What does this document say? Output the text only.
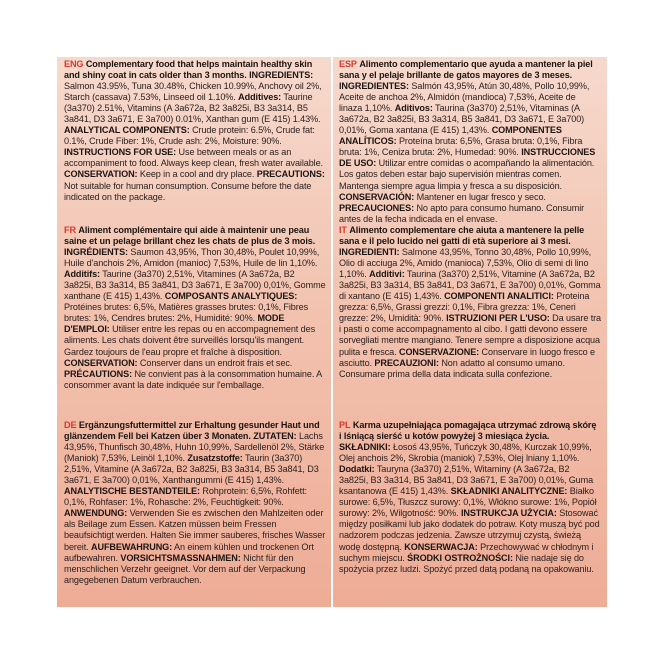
ENG Complementary food that helps maintain healthy skin and shiny coat in cats older than 3 months. INGREDIENTS: Salmon 43.95%, Tuna 30.48%, Chicken 10.99%, Anchovy oil 2%, Starch (cassava) 7.53%, Linseed oil 1.10%. Additives: Taurine (3a370) 2.51%, Vitamins (A 3a672a, B2 3a825i, B3 3a314, B5 3a841, D3 3a671, E 3a700) 0.01%, Xanthan gum (E 415) 1.43%. ANALYTICAL COMPONENTS: Crude protein: 6.5%, Crude fat: 0.1%, Crude Fiber: 1%, Crude ash: 2%, Moisture: 90%. INSTRUCTIONS FOR USE: Use between meals or as an accompaniment to food. Always keep clean, fresh water available. CONSERVATION: Keep in a cool and dry place. PRECAUTIONS: Not suitable for human consumption. Consume before the date indicated on the package.

ESP Alimento complementario que ayuda a mantener la piel sana y el pelaje brillante de gatos mayores de 3 meses. INGREDIENTES: Salmón 43,95%, Atún 30,48%, Pollo 10,99%, Aceite de anchoa 2%, Almidón (mandioca) 7,53%, Aceite de linaza 1,10%. Aditivos: Taurina (3a370) 2,51%, Vitaminas (A 3a672a, B2 3a825i, B3 3a314, B5 3a841, D3 3a671, E 3a700) 0,01%, Goma xantana (E 415) 1,43%. COMPONENTES ANALÍTICOS: Proteína bruta: 6,5%, Grasa bruta: 0,1%, Fibra bruta: 1%, Ceniza bruta: 2%, Humedad: 90%. INSTRUCCIONES DE USO: Utilizar entre comidas o acompañando la alimentación. Los gatos deben estar bajo supervisión mientras comen. Mantenga siempre agua limpia y fresca a su disposición. CONSERVACIÓN: Mantener en lugar fresco y seco. PRECAUCIONES: No apto para consumo humano. Consumir antes de la fecha indicada en el envase.

FR Aliment complémentaire qui aide à maintenir une peau saine et un pelage brillant chez les chats de plus de 3 mois. INGRÉDIENTS: Saumon 43,95%, Thon 30,48%, Poulet 10,99%, Huile d'anchois 2%, Amidon (manioc) 7,53%, Huile de lin 1,10%. Additifs: Taurine (3a370) 2,51%, Vitamines (A 3a672a, B2 3a825i, B3 3a314, B5 3a841, D3 3a671, E 3a700) 0,01%, Gomme xanthane (E 415) 1,43%. COMPOSANTS ANALYTIQUES: Protéines brutes: 6,5%, Matières grasses brutes: 0,1%, Fibres brutes: 1%, Cendres brutes: 2%, Humidité: 90%. MODE D'EMPLOI: Utiliser entre les repas ou en accompagnement des aliments. Les chats doivent être surveillés lorsqu'ils mangent. Gardez toujours de l'eau propre et fraîche à disposition. CONSERVATION: Conserver dans un endroit frais et sec. PRÉCAUTIONS: Ne convient pas à la consommation humaine. A consommer avant la date indiquée sur l'emballage.

IT Alimento complementare che aiuta a mantenere la pelle sana e il pelo lucido nei gatti di età superiore ai 3 mesi. INGREDIENTI: Salmone 43,95%, Tonno 30,48%, Pollo 10,99%, Olio di acciuga 2%, Amido (manioca) 7,53%, Olio di semi di lino 1,10%. Additivi: Taurina (3a370) 2,51%, Vitamine (A 3a672a, B2 3a825i, B3 3a314, B5 3a841, D3 3a671, E 3a700) 0,01%, Gomma di xantano (E 415) 1,43%. COMPONENTI ANALITICI: Proteina grezza: 6,5%, Grassi grezzi: 0,1%, Fibra grezza: 1%, Ceneri grezze: 2%, Umidità: 90%. ISTRUZIONI PER L'USO: Da usare tra i pasti o come accompagnamento al cibo. I gatti devono essere sorvegliati mentre mangiano. Tenere sempre a disposizione acqua pulita e fresca. CONSERVAZIONE: Conservare in luogo fresco e asciutto. PRECAUZIONI: Non adatto al consumo umano. Consumare prima della data indicata sulla confezione.

DE Ergänzungsfuttermittel zur Erhaltung gesunder Haut und glänzendem Fell bei Katzen über 3 Monaten. ZUTATEN: Lachs 43,95%, Thunfisch 30,48%, Huhn 10,99%, Sardellenöl 2%, Stärke (Maniok) 7,53%, Leinöl 1,10%. Zusatzstoffe: Taurin (3a370) 2,51%, Vitamine (A 3a672a, B2 3a825i, B3 3a314, B5 3a841, D3 3a671, E 3a700) 0,01%, Xanthangummi (E 415) 1,43%. ANALYTISCHE BESTANDTEILE: Rohprotein: 6,5%, Rohfett: 0,1%, Rohfaser: 1%, Rohasche: 2%, Feuchtigkeit: 90%. ANWENDUNG: Verwenden Sie es zwischen den Mahlzeiten oder als Beilage zum Essen. Katzen müssen beim Fressen beaufsichtigt werden. Halten Sie immer sauberes, frisches Wasser bereit. AUFBEWAHRUNG: An einem kühlen und trockenen Ort aufbewahren. VORSICHTSMASSNAHMEN: Nicht für den menschlichen Verzehr geeignet. Vor dem auf der Verpackung angegebenen Datum verbrauchen.

PL Karma uzupełniająca pomagająca utrzymać zdrową skórę i lśniącą sierść u kotów powyżej 3 miesiąca życia. SKŁADNIKI: Łosoś 43,95%, Tuńczyk 30,48%, Kurczak 10,99%, Olej anchois 2%, Skrobia (maniok) 7,53%, Olej lniany 1,10%. Dodatki: Tauryna (3a370) 2,51%, Witaminy (A 3a672a, B2 3a825i, B3 3a314, B5 3a841, D3 3a671, E 3a700) 0,01%, Guma ksantanowa (E 415) 1,43%. SKŁADNIKI ANALITYCZNE: Białko surowe: 6,5%, Tłuszcz surowy: 0,1%, Włókno surowe: 1%, Popiół surowy: 2%, Wilgotność: 90%. INSTRUKCJA UŻYCIA: Stosować między posiłkami lub jako dodatek do potraw. Koty muszą być pod nadzorem podczas jedzenia. Zawsze utrzymuj czystą, świeżą wodę dostępną. KONSERWACJA: Przechowywać w chłodnym i suchym miejscu. ŚRODKI OSTROŻNOŚCI: Nie nadaje się do spożycia przez ludzi. Spożyć przed datą podaną na opakowaniu.
